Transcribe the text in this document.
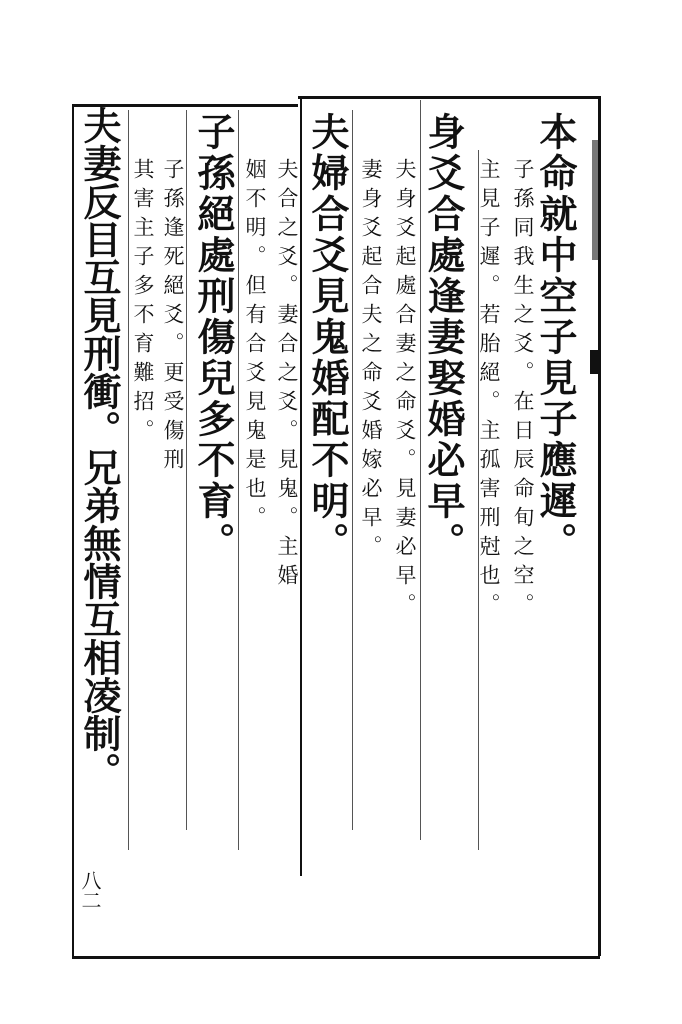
本命就中空子見子應遲。
子孫同我生之爻。在日辰命旬之空。
主見子遲。若胎絕。主孤害刑尅也。
身爻合處逢妻娶婚必早。
夫身爻起處合妻之命爻。見妻必早。
妻身爻起合夫之命爻婚嫁必早。
夫婦合爻見鬼婚配不明。
夫合之爻。妻合之爻。見鬼。主婚
姻不明。但有合爻見鬼是也。
子孫絕處刑傷兒多不育。
子孫逢死絕爻。更受傷刑
其害主子多不育難招。
夫妻反目互見刑衝。兄弟無情互相凌制。
八二
